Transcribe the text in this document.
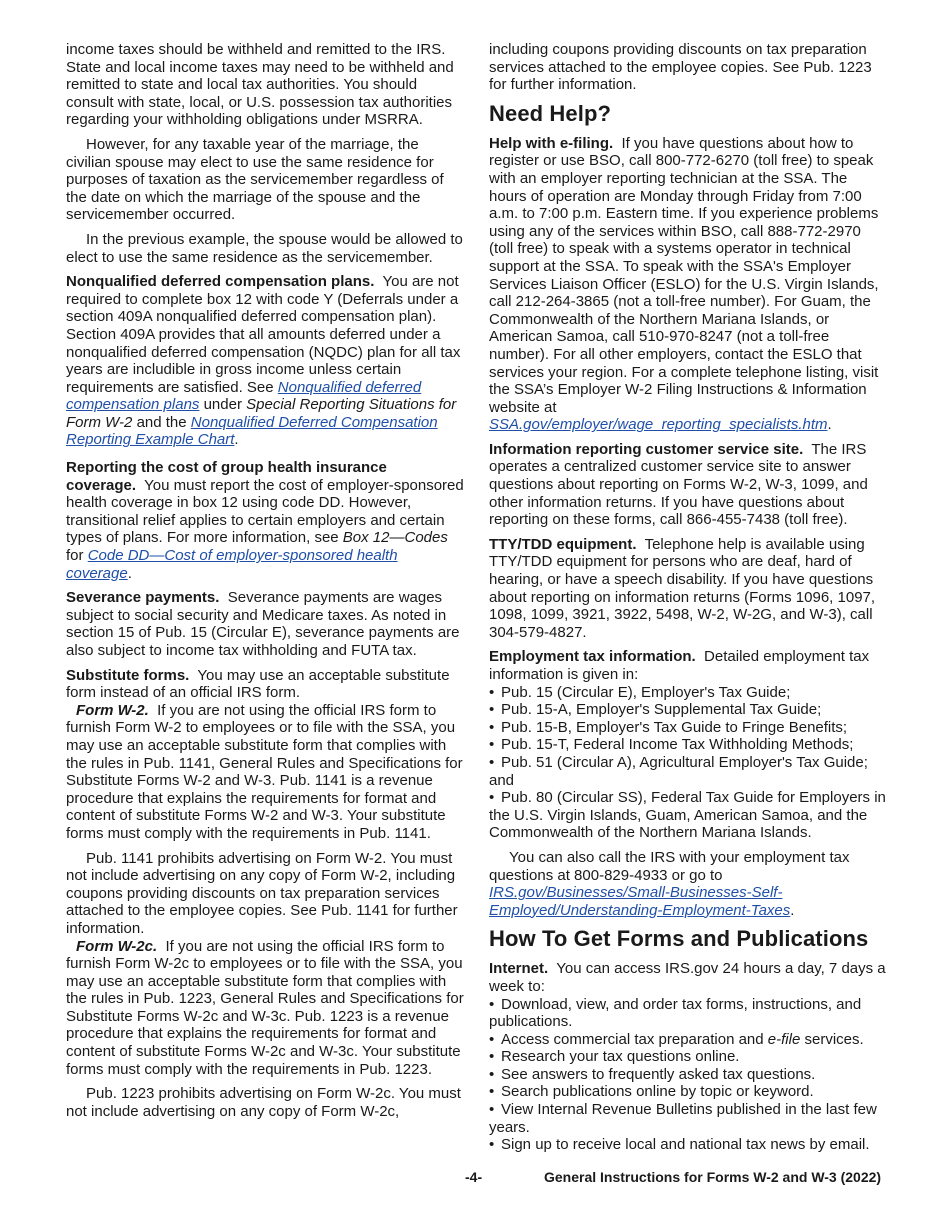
income taxes should be withheld and remitted to the IRS. State and local income taxes may need to be withheld and remitted to state and local tax authorities. You should consult with state, local, or U.S. possession tax authorities regarding your withholding obligations under MSRRA.

However, for any taxable year of the marriage, the civilian spouse may elect to use the same residence for purposes of taxation as the servicemember regardless of the date on which the marriage of the spouse and the servicemember occurred.

In the previous example, the spouse would be allowed to elect to use the same residence as the servicemember.

Nonqualified deferred compensation plans. You are not required to complete box 12 with code Y (Deferrals under a section 409A nonqualified deferred compensation plan). Section 409A provides that all amounts deferred under a nonqualified deferred compensation (NQDC) plan for all tax years are includible in gross income unless certain requirements are satisfied. See Nonqualified deferred compensation plans under Special Reporting Situations for Form W-2 and the Nonqualified Deferred Compensation Reporting Example Chart.

Reporting the cost of group health insurance coverage. You must report the cost of employer-sponsored health coverage in box 12 using code DD. However, transitional relief applies to certain employers and certain types of plans. For more information, see Box 12—Codes for Code DD—Cost of employer-sponsored health coverage.

Severance payments. Severance payments are wages subject to social security and Medicare taxes. As noted in section 15 of Pub. 15 (Circular E), severance payments are also subject to income tax withholding and FUTA tax.

Substitute forms. You may use an acceptable substitute form instead of an official IRS form.

Form W-2. If you are not using the official IRS form to furnish Form W-2 to employees or to file with the SSA, you may use an acceptable substitute form that complies with the rules in Pub. 1141, General Rules and Specifications for Substitute Forms W-2 and W-3. Pub. 1141 is a revenue procedure that explains the requirements for format and content of substitute Forms W-2 and W-3. Your substitute forms must comply with the requirements in Pub. 1141.

Pub. 1141 prohibits advertising on Form W-2. You must not include advertising on any copy of Form W-2, including coupons providing discounts on tax preparation services attached to the employee copies. See Pub. 1141 for further information.

Form W-2c. If you are not using the official IRS form to furnish Form W-2c to employees or to file with the SSA, you may use an acceptable substitute form that complies with the rules in Pub. 1223, General Rules and Specifications for Substitute Forms W-2c and W-3c. Pub. 1223 is a revenue procedure that explains the requirements for format and content of substitute Forms W-2c and W-3c. Your substitute forms must comply with the requirements in Pub. 1223.

Pub. 1223 prohibits advertising on Form W-2c. You must not include advertising on any copy of Form W-2c,

including coupons providing discounts on tax preparation services attached to the employee copies. See Pub. 1223 for further information.

Need Help?

Help with e-filing. If you have questions about how to register or use BSO, call 800-772-6270 (toll free) to speak with an employer reporting technician at the SSA. The hours of operation are Monday through Friday from 7:00 a.m. to 7:00 p.m. Eastern time. If you experience problems using any of the services within BSO, call 888-772-2970 (toll free) to speak with a systems operator in technical support at the SSA. To speak with the SSA's Employer Services Liaison Officer (ESLO) for the U.S. Virgin Islands, call 212-264-3865 (not a toll-free number). For Guam, the Commonwealth of the Northern Mariana Islands, or American Samoa, call 510-970-8247 (not a toll-free number). For all other employers, contact the ESLO that services your region. For a complete telephone listing, visit the SSA’s Employer W-2 Filing Instructions & Information website at SSA.gov/employer/wage_reporting_specialists.htm.

Information reporting customer service site. The IRS operates a centralized customer service site to answer questions about reporting on Forms W-2, W-3, 1099, and other information returns. If you have questions about reporting on these forms, call 866-455-7438 (toll free).

TTY/TDD equipment. Telephone help is available using TTY/TDD equipment for persons who are deaf, hard of hearing, or have a speech disability. If you have questions about reporting on information returns (Forms 1096, 1097, 1098, 1099, 3921, 3922, 5498, W-2, W-2G, and W-3), call 304-579-4827.

Employment tax information. Detailed employment tax information is given in:

• Pub. 15 (Circular E), Employer's Tax Guide;

• Pub. 15-A, Employer's Supplemental Tax Guide;

• Pub. 15-B, Employer's Tax Guide to Fringe Benefits;

• Pub. 15-T, Federal Income Tax Withholding Methods;

• Pub. 51 (Circular A), Agricultural Employer's Tax Guide; and

• Pub. 80 (Circular SS), Federal Tax Guide for Employers in the U.S. Virgin Islands, Guam, American Samoa, and the Commonwealth of the Northern Mariana Islands.

You can also call the IRS with your employment tax questions at 800-829-4933 or go to IRS.gov/Businesses/Small-Businesses-Self-Employed/Understanding-Employment-Taxes.

How To Get Forms and Publications

Internet. You can access IRS.gov 24 hours a day, 7 days a week to:

• Download, view, and order tax forms, instructions, and publications.

• Access commercial tax preparation and e-file services.

• Research your tax questions online.

• See answers to frequently asked tax questions.

• Search publications online by topic or keyword.

• View Internal Revenue Bulletins published in the last few years.

• Sign up to receive local and national tax news by email.

-4-	General Instructions for Forms W-2 and W-3 (2022)
